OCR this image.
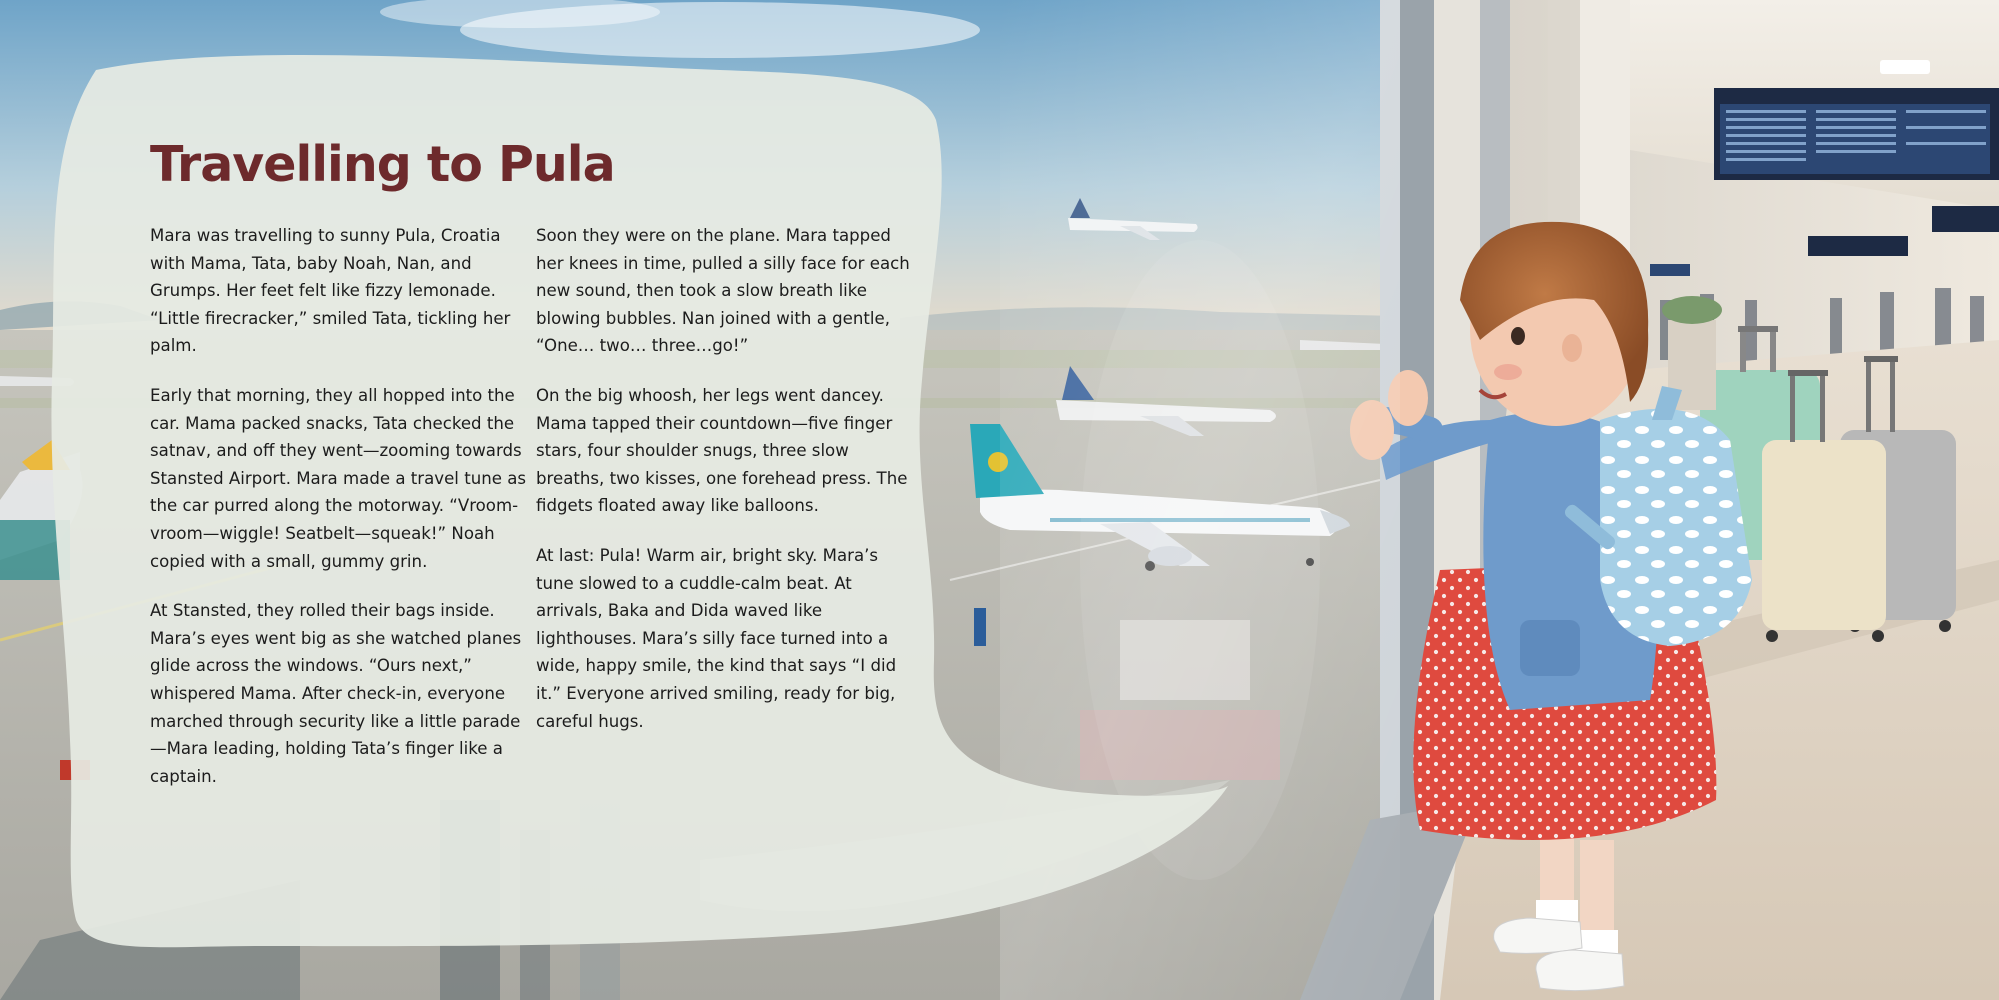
Travelling to Pula

Mara was travelling to sunny Pula, Croatia with Mama, Tata, baby Noah, Nan, and Grumps. Her feet felt like fizzy lemonade. “Little firecracker,” smiled Tata, tickling her palm.

Early that morning, they all hopped into the car. Mama packed snacks, Tata checked the satnav, and off they went—zooming towards Stansted Airport. Mara made a travel tune as the car purred along the motorway. “Vroom-vroom—wiggle! Seatbelt—squeak!” Noah copied with a small, gummy grin.

At Stansted, they rolled their bags inside. Mara’s eyes went big as she watched planes glide across the windows. “Ours next,” whispered Mama. After check-in, everyone marched through security like a little parade—Mara leading, holding Tata’s finger like a captain.

Soon they were on the plane. Mara tapped her knees in time, pulled a silly face for each new sound, then took a slow breath like blowing bubbles. Nan joined with a gentle, “One… two… three…go!”

On the big whoosh, her legs went dancey. Mama tapped their countdown—five finger stars, four shoulder snugs, three slow breaths, two kisses, one forehead press. The fidgets floated away like balloons.

At last: Pula! Warm air, bright sky. Mara’s tune slowed to a cuddle-calm beat. At arrivals, Baka and Dida waved like lighthouses. Mara’s silly face turned into a wide, happy smile, the kind that says “I did it.” Everyone arrived smiling, ready for big, careful hugs.
